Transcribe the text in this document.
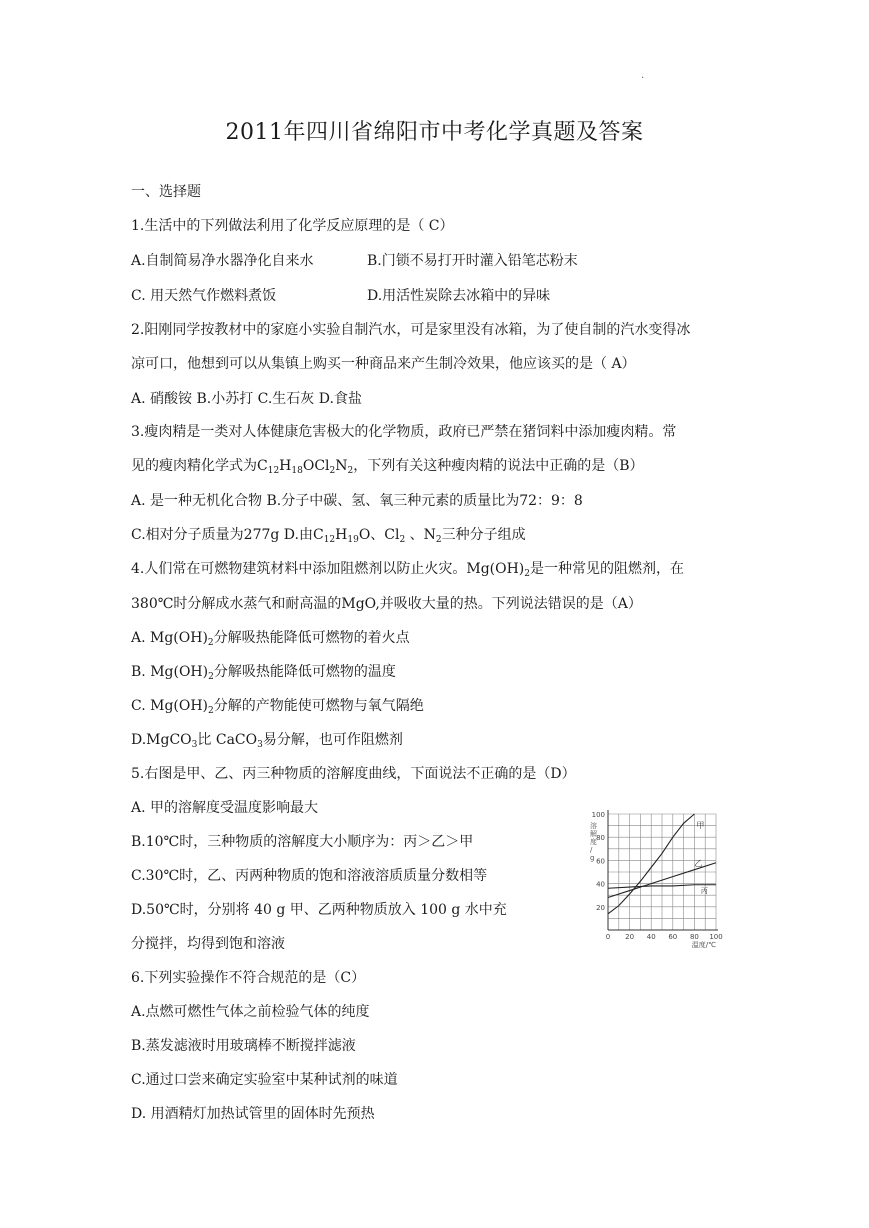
.
2011年四川省绵阳市中考化学真题及答案
一、选择题
1.生活中的下列做法利用了化学反应原理的是（ C）
A.自制简易净水器净化自来水	B.门锁不易打开时灌入铅笔芯粉末
C. 用天然气作燃料煮饭	D.用活性炭除去冰箱中的异味
2.阳刚同学按教材中的家庭小实验自制汽水，可是家里没有冰箱，为了使自制的汽水变得冰
凉可口，他想到可以从集镇上购买一种商品来产生制冷效果，他应该买的是（ A）
A. 硝酸铵 B.小苏打 C.生石灰 D.食盐
3.瘦肉精是一类对人体健康危害极大的化学物质，政府已严禁在猪饲料中添加瘦肉精。常
见的瘦肉精化学式为$C_{12}H_{18}OCl_2N_2$，下列有关这种瘦肉精的说法中正确的是（B）
A. 是一种无机化合物 B.分子中碳、氢、氧三种元素的质量比为72：9：8
C.相对分子质量为277g D.由$C_{12}H_{19}O$、$Cl_2$ 、$N_2$三种分子组成
4.人们常在可燃物建筑材料中添加阻燃剂以防止火灾。$Mg(OH)_2$是一种常见的阻燃剂，在
380℃时分解成水蒸气和耐高温的MgO,并吸收大量的热。下列说法错误的是（A）
A. $Mg(OH)_2$分解吸热能降低可燃物的着火点
B. $Mg(OH)_2$分解吸热能降低可燃物的温度
C. $Mg(OH)_2$分解的产物能使可燃物与氧气隔绝
D.MgCO$_3$比 CaCO$_3$易分解，也可作阻燃剂
5.右图是甲、乙、丙三种物质的溶解度曲线，下面说法不正确的是（D）
A. 甲的溶解度受温度影响最大
B.10℃时，三种物质的溶解度大小顺序为：丙＞乙＞甲
C.30℃时，乙、丙两种物质的饱和溶液溶质质量分数相等
D.50℃时，分别将 40 g 甲、乙两种物质放入 100 g 水中充
分搅拌，均得到饱和溶液
20
40
60
80
100
0 20 40 60 80 100
甲
乙
丙
温度/℃
溶解度/ g
6.下列实验操作不符合规范的是（C）
A.点燃可燃性气体之前检验气体的纯度
B.蒸发滤液时用玻璃棒不断搅拌滤液
C.通过口尝来确定实验室中某种试剂的味道
D. 用酒精灯加热试管里的固体时先预热
